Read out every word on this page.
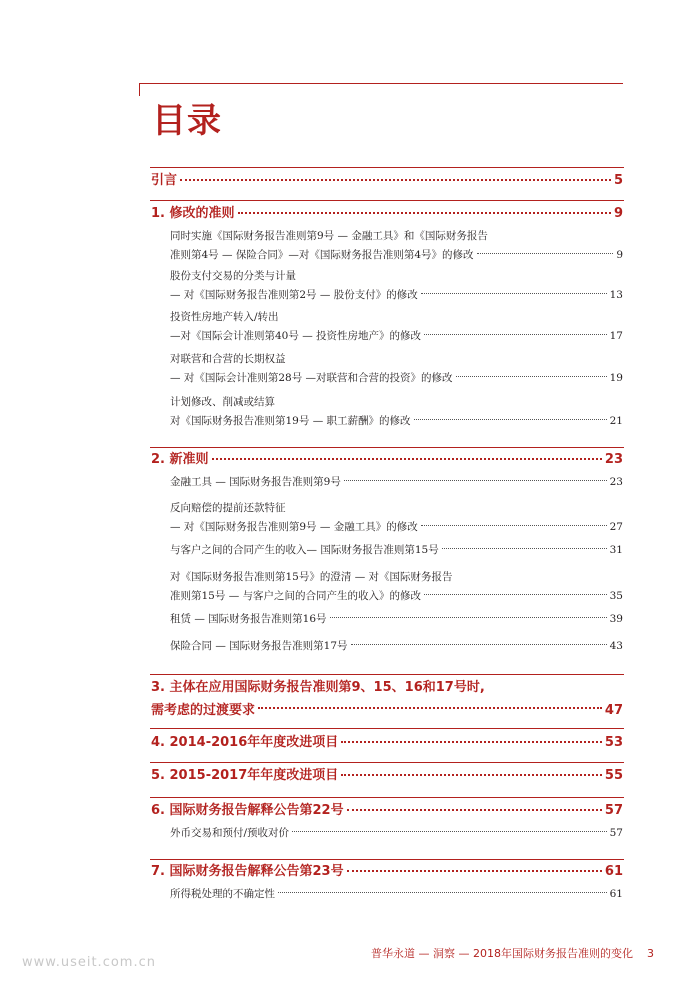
目录
引言	5
1. 修改的准则	9
同时实施《国际财务报告准则第9号 — 金融工具》和《国际财务报告
准则第4号 — 保险合同》—对《国际财务报告准则第4号》的修改	9
股份支付交易的分类与计量
— 对《国际财务报告准则第2号 — 股份支付》的修改	13
投资性房地产转入/转出
—对《国际会计准则第40号 — 投资性房地产》的修改	17
对联营和合营的长期权益
— 对《国际会计准则第28号 —对联营和合营的投资》的修改	19
计划修改、削减或结算
对《国际财务报告准则第19号 — 职工薪酬》的修改	21
2. 新准则	23
金融工具 — 国际财务报告准则第9号	23
反向赔偿的提前还款特征
— 对《国际财务报告准则第9号 — 金融工具》的修改	27
与客户之间的合同产生的收入— 国际财务报告准则第15号	31
对《国际财务报告准则第15号》的澄清 — 对《国际财务报告
准则第15号 — 与客户之间的合同产生的收入》的修改	35
租赁 — 国际财务报告准则第16号	39
保险合同 — 国际财务报告准则第17号	43
3. 主体在应用国际财务报告准则第9、15、16和17号时,
需考虑的过渡要求	47
4. 2014-2016年年度改进项目	53
5. 2015-2017年年度改进项目	55
6. 国际财务报告解释公告第22号	57
外币交易和预付/预收对价	57
7. 国际财务报告解释公告第23号	61
所得税处理的不确定性	61
普华永道 — 洞察 — 2018年国际财务报告准则的变化 3
www.useit.com.cn
